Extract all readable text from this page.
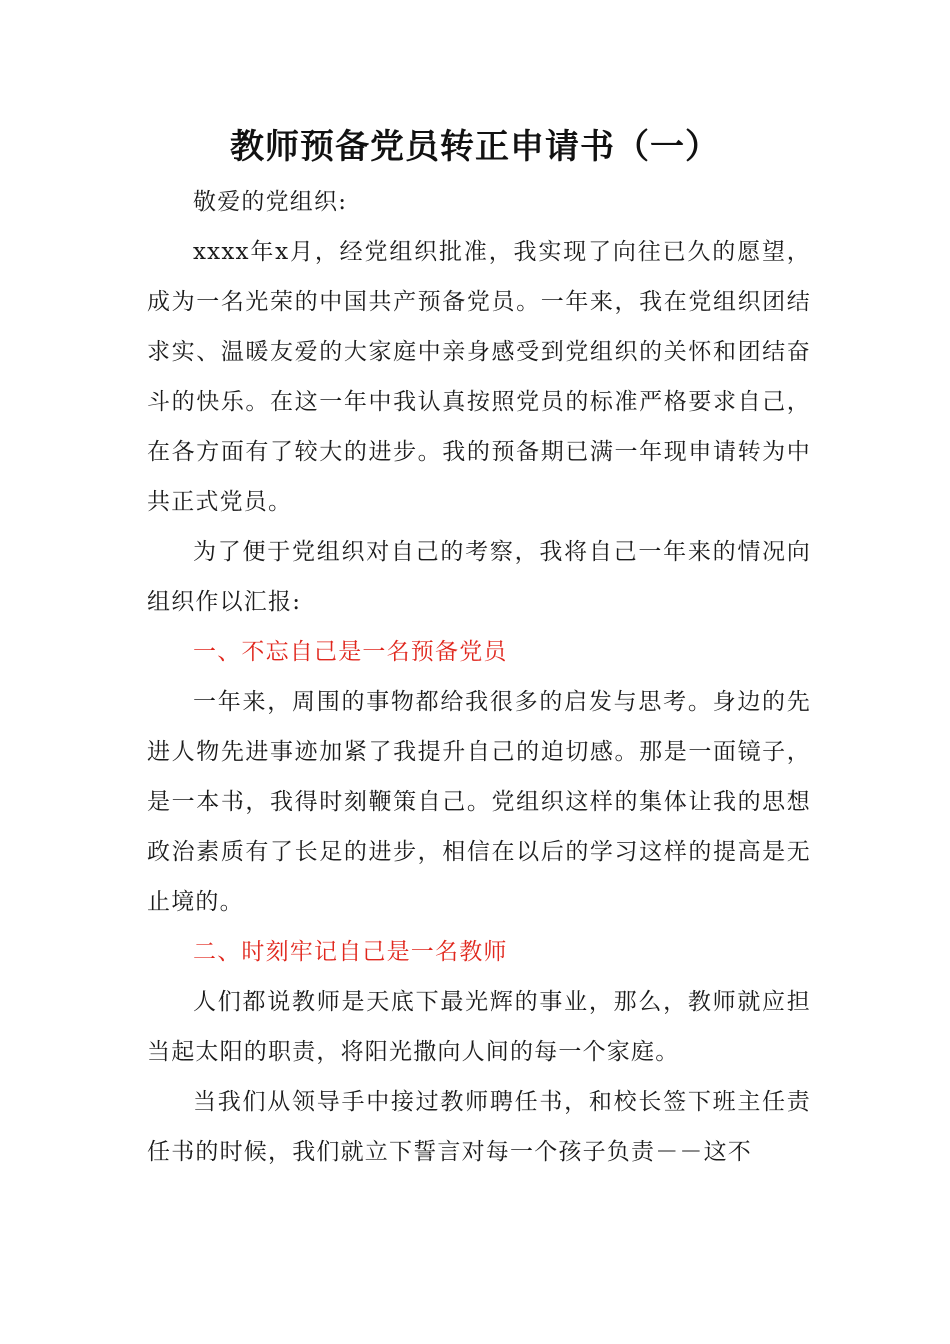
教师预备党员转正申请书（一）

敬爱的党组织:

xxxx年x月，经党组织批准，我实现了向往已久的愿望，成为一名光荣的中国共产预备党员。一年来，我在党组织团结求实、温暖友爱的大家庭中亲身感受到党组织的关怀和团结奋斗的快乐。在这一年中我认真按照党员的标准严格要求自己，在各方面有了较大的进步。我的预备期已满一年现申请转为中共正式党员。

为了便于党组织对自己的考察，我将自己一年来的情况向组织作以汇报:

一、不忘自己是一名预备党员

一年来，周围的事物都给我很多的启发与思考。身边的先进人物先进事迹加紧了我提升自己的迫切感。那是一面镜子，是一本书，我得时刻鞭策自己。党组织这样的集体让我的思想政治素质有了长足的进步，相信在以后的学习这样的提高是无止境的。

二、时刻牢记自己是一名教师

人们都说教师是天底下最光辉的事业，那么，教师就应担当起太阳的职责，将阳光撒向人间的每一个家庭。

当我们从领导手中接过教师聘任书，和校长签下班主任责任书的时候，我们就立下誓言对每一个孩子负责－－这不
